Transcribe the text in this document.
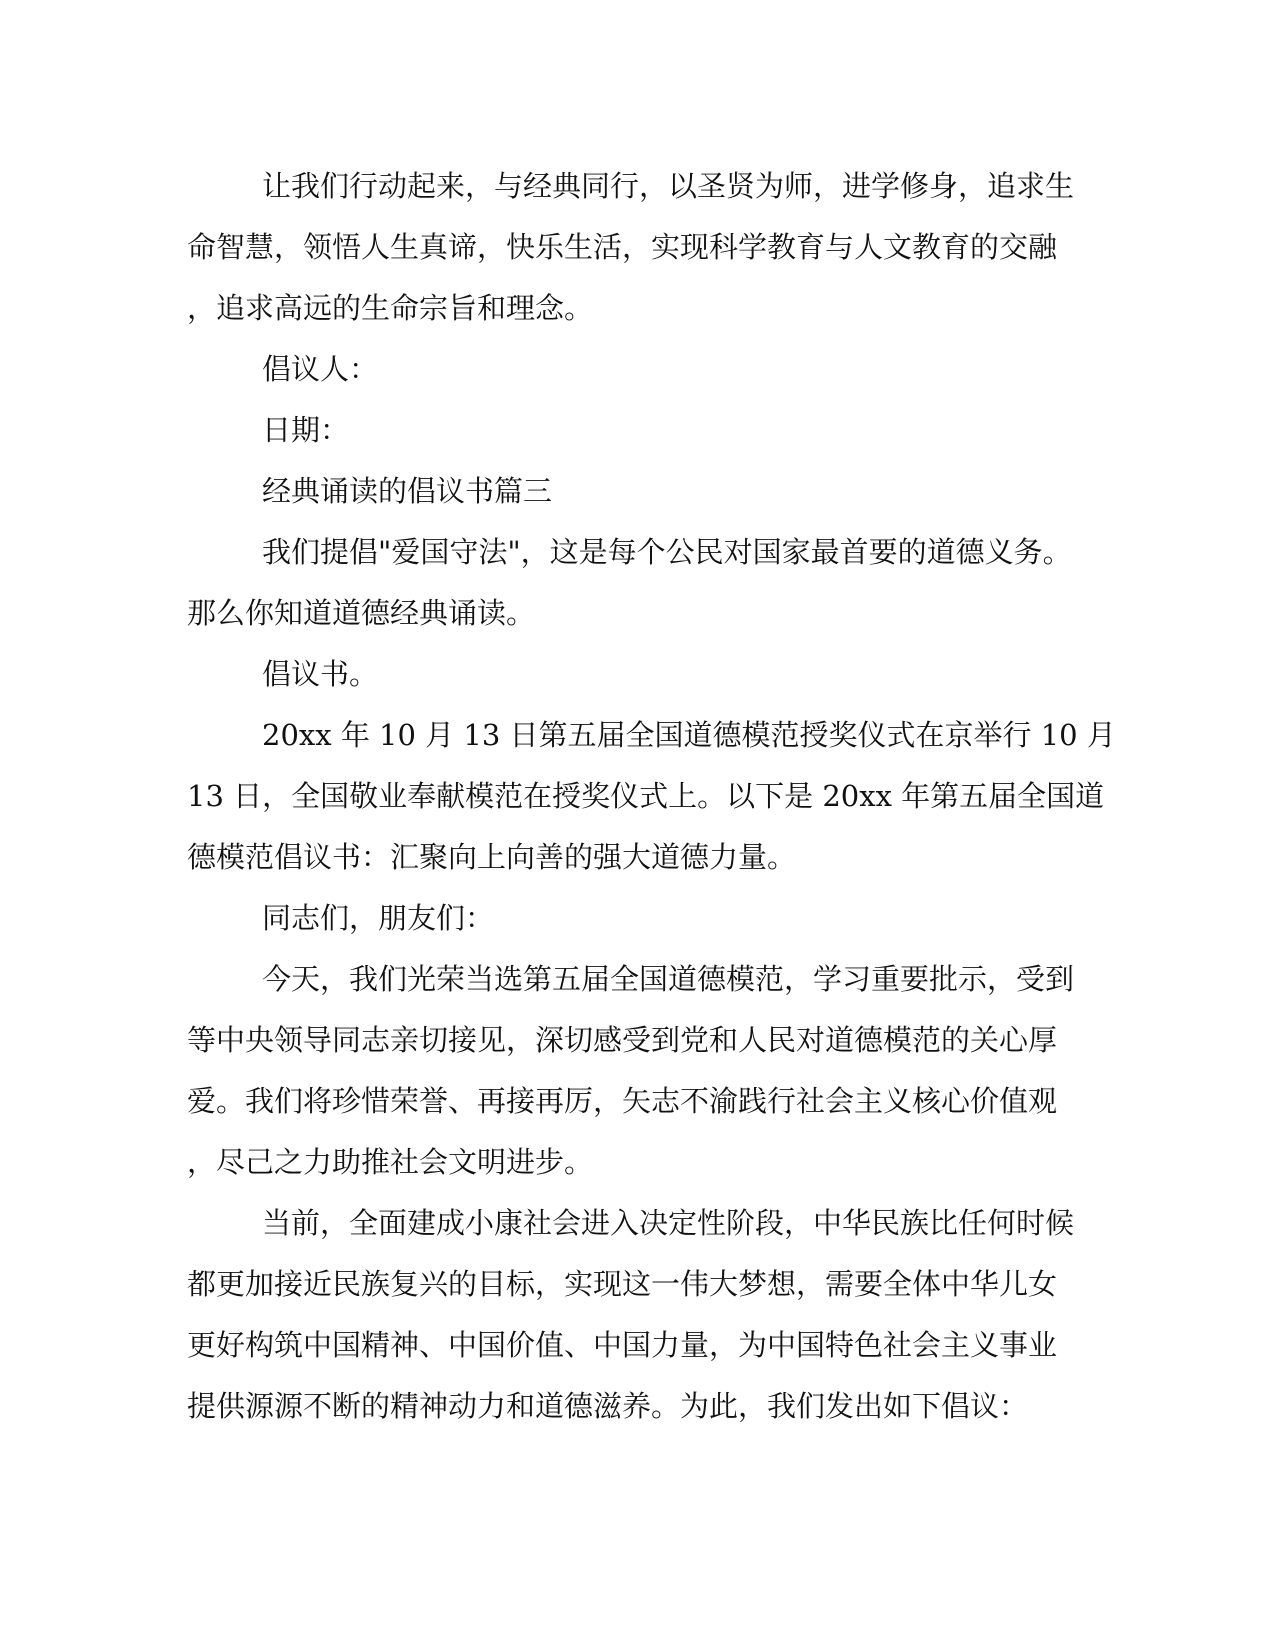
让我们行动起来，与经典同行，以圣贤为师，进学修身，追求生

命智慧，领悟人生真谛，快乐生活，实现科学教育与人文教育的交融

，追求高远的生命宗旨和理念。

倡议人：

日期：

经典诵读的倡议书篇三

我们提倡"爱国守法"，这是每个公民对国家最首要的道德义务。

那么你知道道德经典诵读。

倡议书。

20xx 年 10 月 13 日第五届全国道德模范授奖仪式在京举行 10 月

13 日，全国敬业奉献模范在授奖仪式上。以下是 20xx 年第五届全国道

德模范倡议书：汇聚向上向善的强大道德力量。

同志们，朋友们：

今天，我们光荣当选第五届全国道德模范，学习重要批示，受到

等中央领导同志亲切接见，深切感受到党和人民对道德模范的关心厚

爱。我们将珍惜荣誉、再接再厉，矢志不渝践行社会主义核心价值观

，尽己之力助推社会文明进步。

当前，全面建成小康社会进入决定性阶段，中华民族比任何时候

都更加接近民族复兴的目标，实现这一伟大梦想，需要全体中华儿女

更好构筑中国精神、中国价值、中国力量，为中国特色社会主义事业

提供源源不断的精神动力和道德滋养。为此，我们发出如下倡议：
